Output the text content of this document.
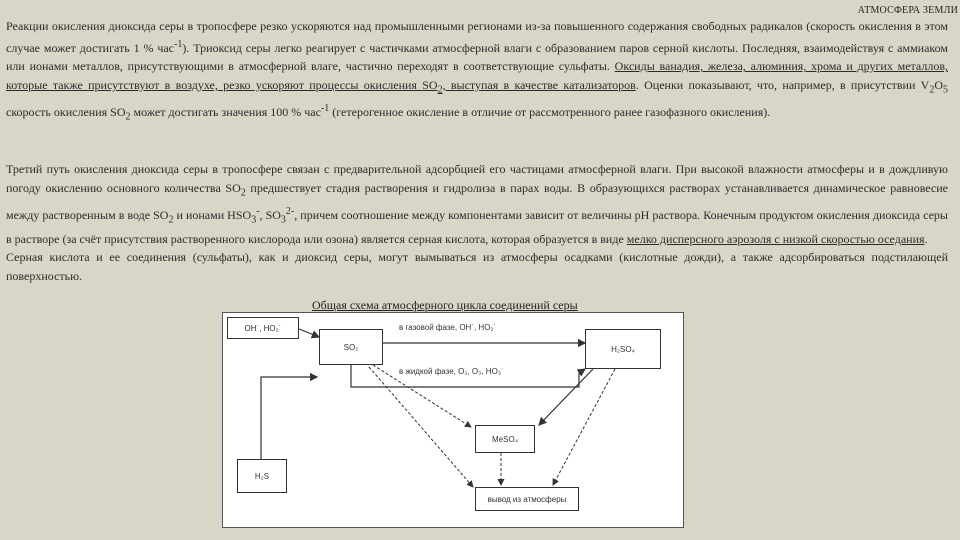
АТМОСФЕРА ЗЕМЛИ

Реакции окисления диоксида серы в тропосфере резко ускоряются над промышленными регионами из-за повышенного содержания свободных радикалов (скорость окисления в этом случае может достигать 1 % час$^{-1}$). Триоксид серы легко реагирует с частичками атмосферной влаги с образованием паров серной кислоты. Последняя, взаимодействуя с аммиаком или ионами металлов, присутствующими в атмосферной влаге, частично переходят в соответствующие сульфаты. Оксиды ванадия, железа, алюминия, хрома и других металлов, которые также присутствуют в воздухе, резко ускоряют процессы окисления $SO_2$, выступая в качестве катализаторов. Оценки показывают, что, например, в присутствии $V_2O_5$ скорость окисления $SO_2$ может достигать значения 100 % час$^{-1}$ (гетерогенное окисление в отличие от рассмотренного ранее газофазного окисления).

Третий путь окисления диоксида серы в тропосфере связан с предварительной адсорбцией его частицами атмосферной влаги. При высокой влажности атмосферы и в дождливую погоду окислению основного количества $SO_2$ предшествует стадия растворения и гидролиза в парах воды. В образующихся растворах устанавливается динамическое равновесие между растворенным в воде $SO_2$ и ионами $HSO_3^-$, $SO_3^{2-}$, причем соотношение между компонентами зависит от величины pH раствора. Конечным продуктом окисления диоксида серы в растворе (за счёт присутствия растворенного кислорода или озона) является серная кислота, которая образуется в виде мелко дисперсного аэрозоля с низкой скоростью оседания.
Серная кислота и ее соединения (сульфаты), как и диоксид серы, могут вымываться из атмосферы осадками (кислотные дожди), а также адсорбироваться подстилающей поверхностью.

Общая схема атмосферного цикла соединений серы
OH˙, HO₂˙
SO₂	H₂SO₄
MeSO₄
H₂S
вывод из атмосферы
в газовой фазе, OH˙, HO₂˙
в жидкой фазе, O₂, O₃, HO₃˙
